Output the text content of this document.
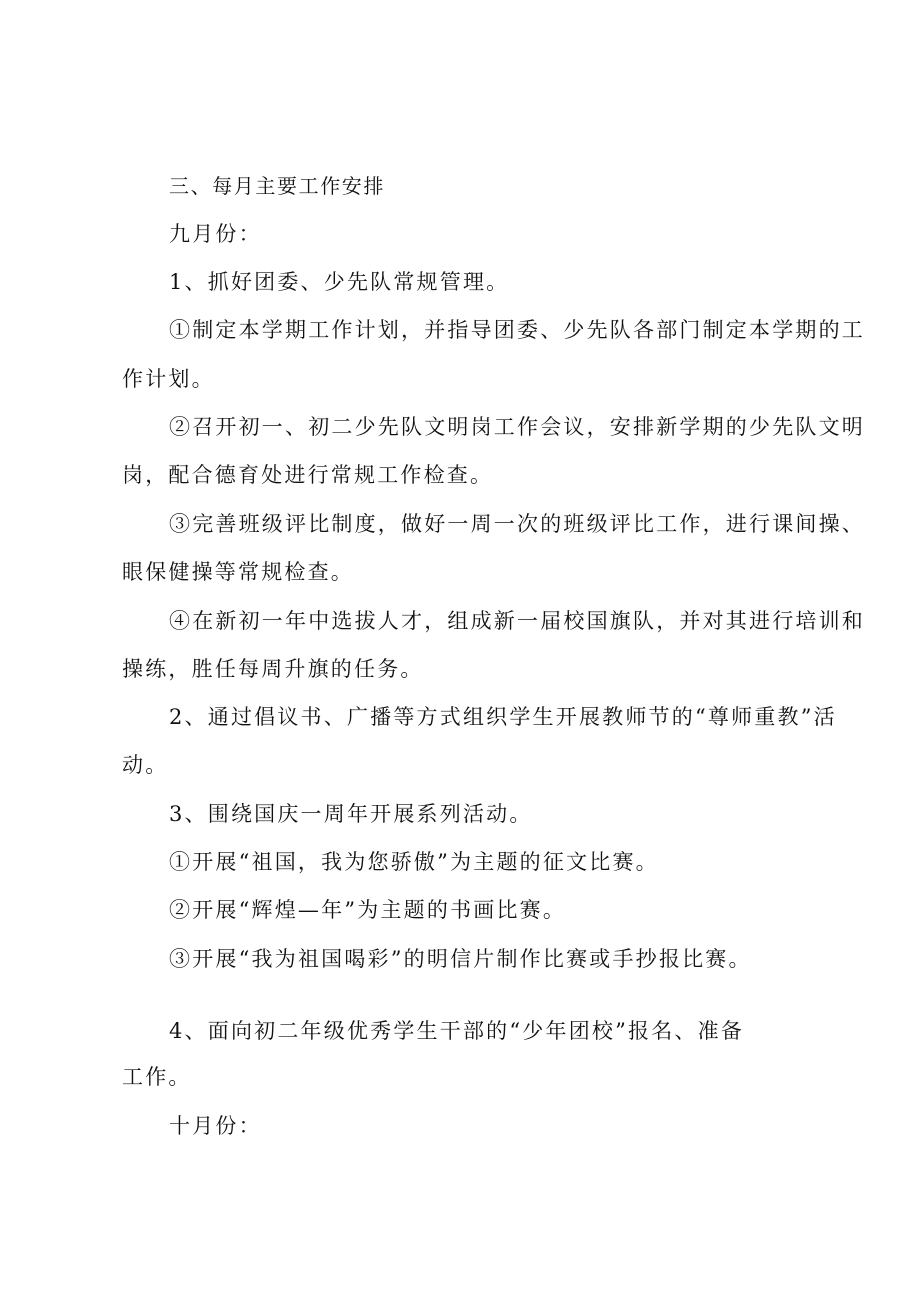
三、每月主要工作安排
九月份：
1、抓好团委、少先队常规管理。
①制定本学期工作计划，并指导团委、少先队各部门制定本学期的工
作计划。
②召开初一、初二少先队文明岗工作会议，安排新学期的少先队文明
岗，配合德育处进行常规工作检查。
③完善班级评比制度，做好一周一次的班级评比工作，进行课间操、
眼保健操等常规检查。
④在新初一年中选拔人才，组成新一届校国旗队，并对其进行培训和
操练，胜任每周升旗的任务。
2、通过倡议书、广播等方式组织学生开展教师节的“尊师重教”活
动。
3、围绕国庆一周年开展系列活动。
①开展“祖国，我为您骄傲”为主题的征文比赛。
②开展“辉煌—年”为主题的书画比赛。
③开展“我为祖国喝彩”的明信片制作比赛或手抄报比赛。
4、面向初二年级优秀学生干部的“少年团校”报名、准备
工作。
十月份：
